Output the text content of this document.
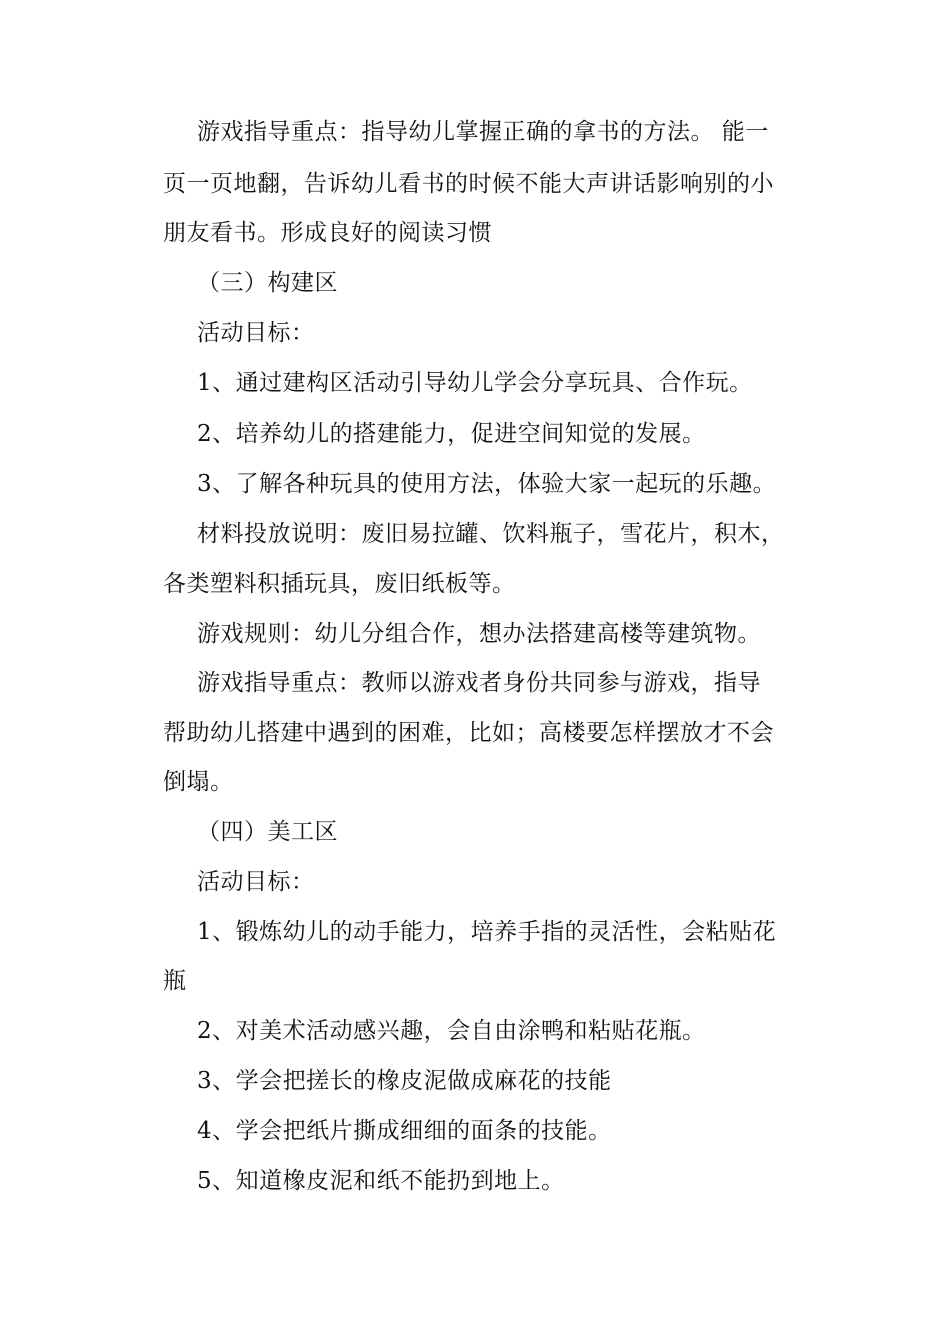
游戏指导重点：指导幼儿掌握正确的拿书的方法。 能一
页一页地翻，告诉幼儿看书的时候不能大声讲话影响别的小
朋友看书。形成良好的阅读习惯
（三）构建区
活动目标：
1、通过建构区活动引导幼儿学会分享玩具、合作玩。
2、培养幼儿的搭建能力，促进空间知觉的发展。
3、了解各种玩具的使用方法，体验大家一起玩的乐趣。
材料投放说明：废旧易拉罐、饮料瓶子，雪花片，积木，
各类塑料积插玩具，废旧纸板等。
游戏规则：幼儿分组合作，想办法搭建高楼等建筑物。
游戏指导重点：教师以游戏者身份共同参与游戏，指导
帮助幼儿搭建中遇到的困难，比如；高楼要怎样摆放才不会
倒塌。
（四）美工区
活动目标：
1、锻炼幼儿的动手能力，培养手指的灵活性，会粘贴花
瓶
2、对美术活动感兴趣，会自由涂鸭和粘贴花瓶。
3、学会把搓长的橡皮泥做成麻花的技能
4、学会把纸片撕成细细的面条的技能。
5、知道橡皮泥和纸不能扔到地上。
